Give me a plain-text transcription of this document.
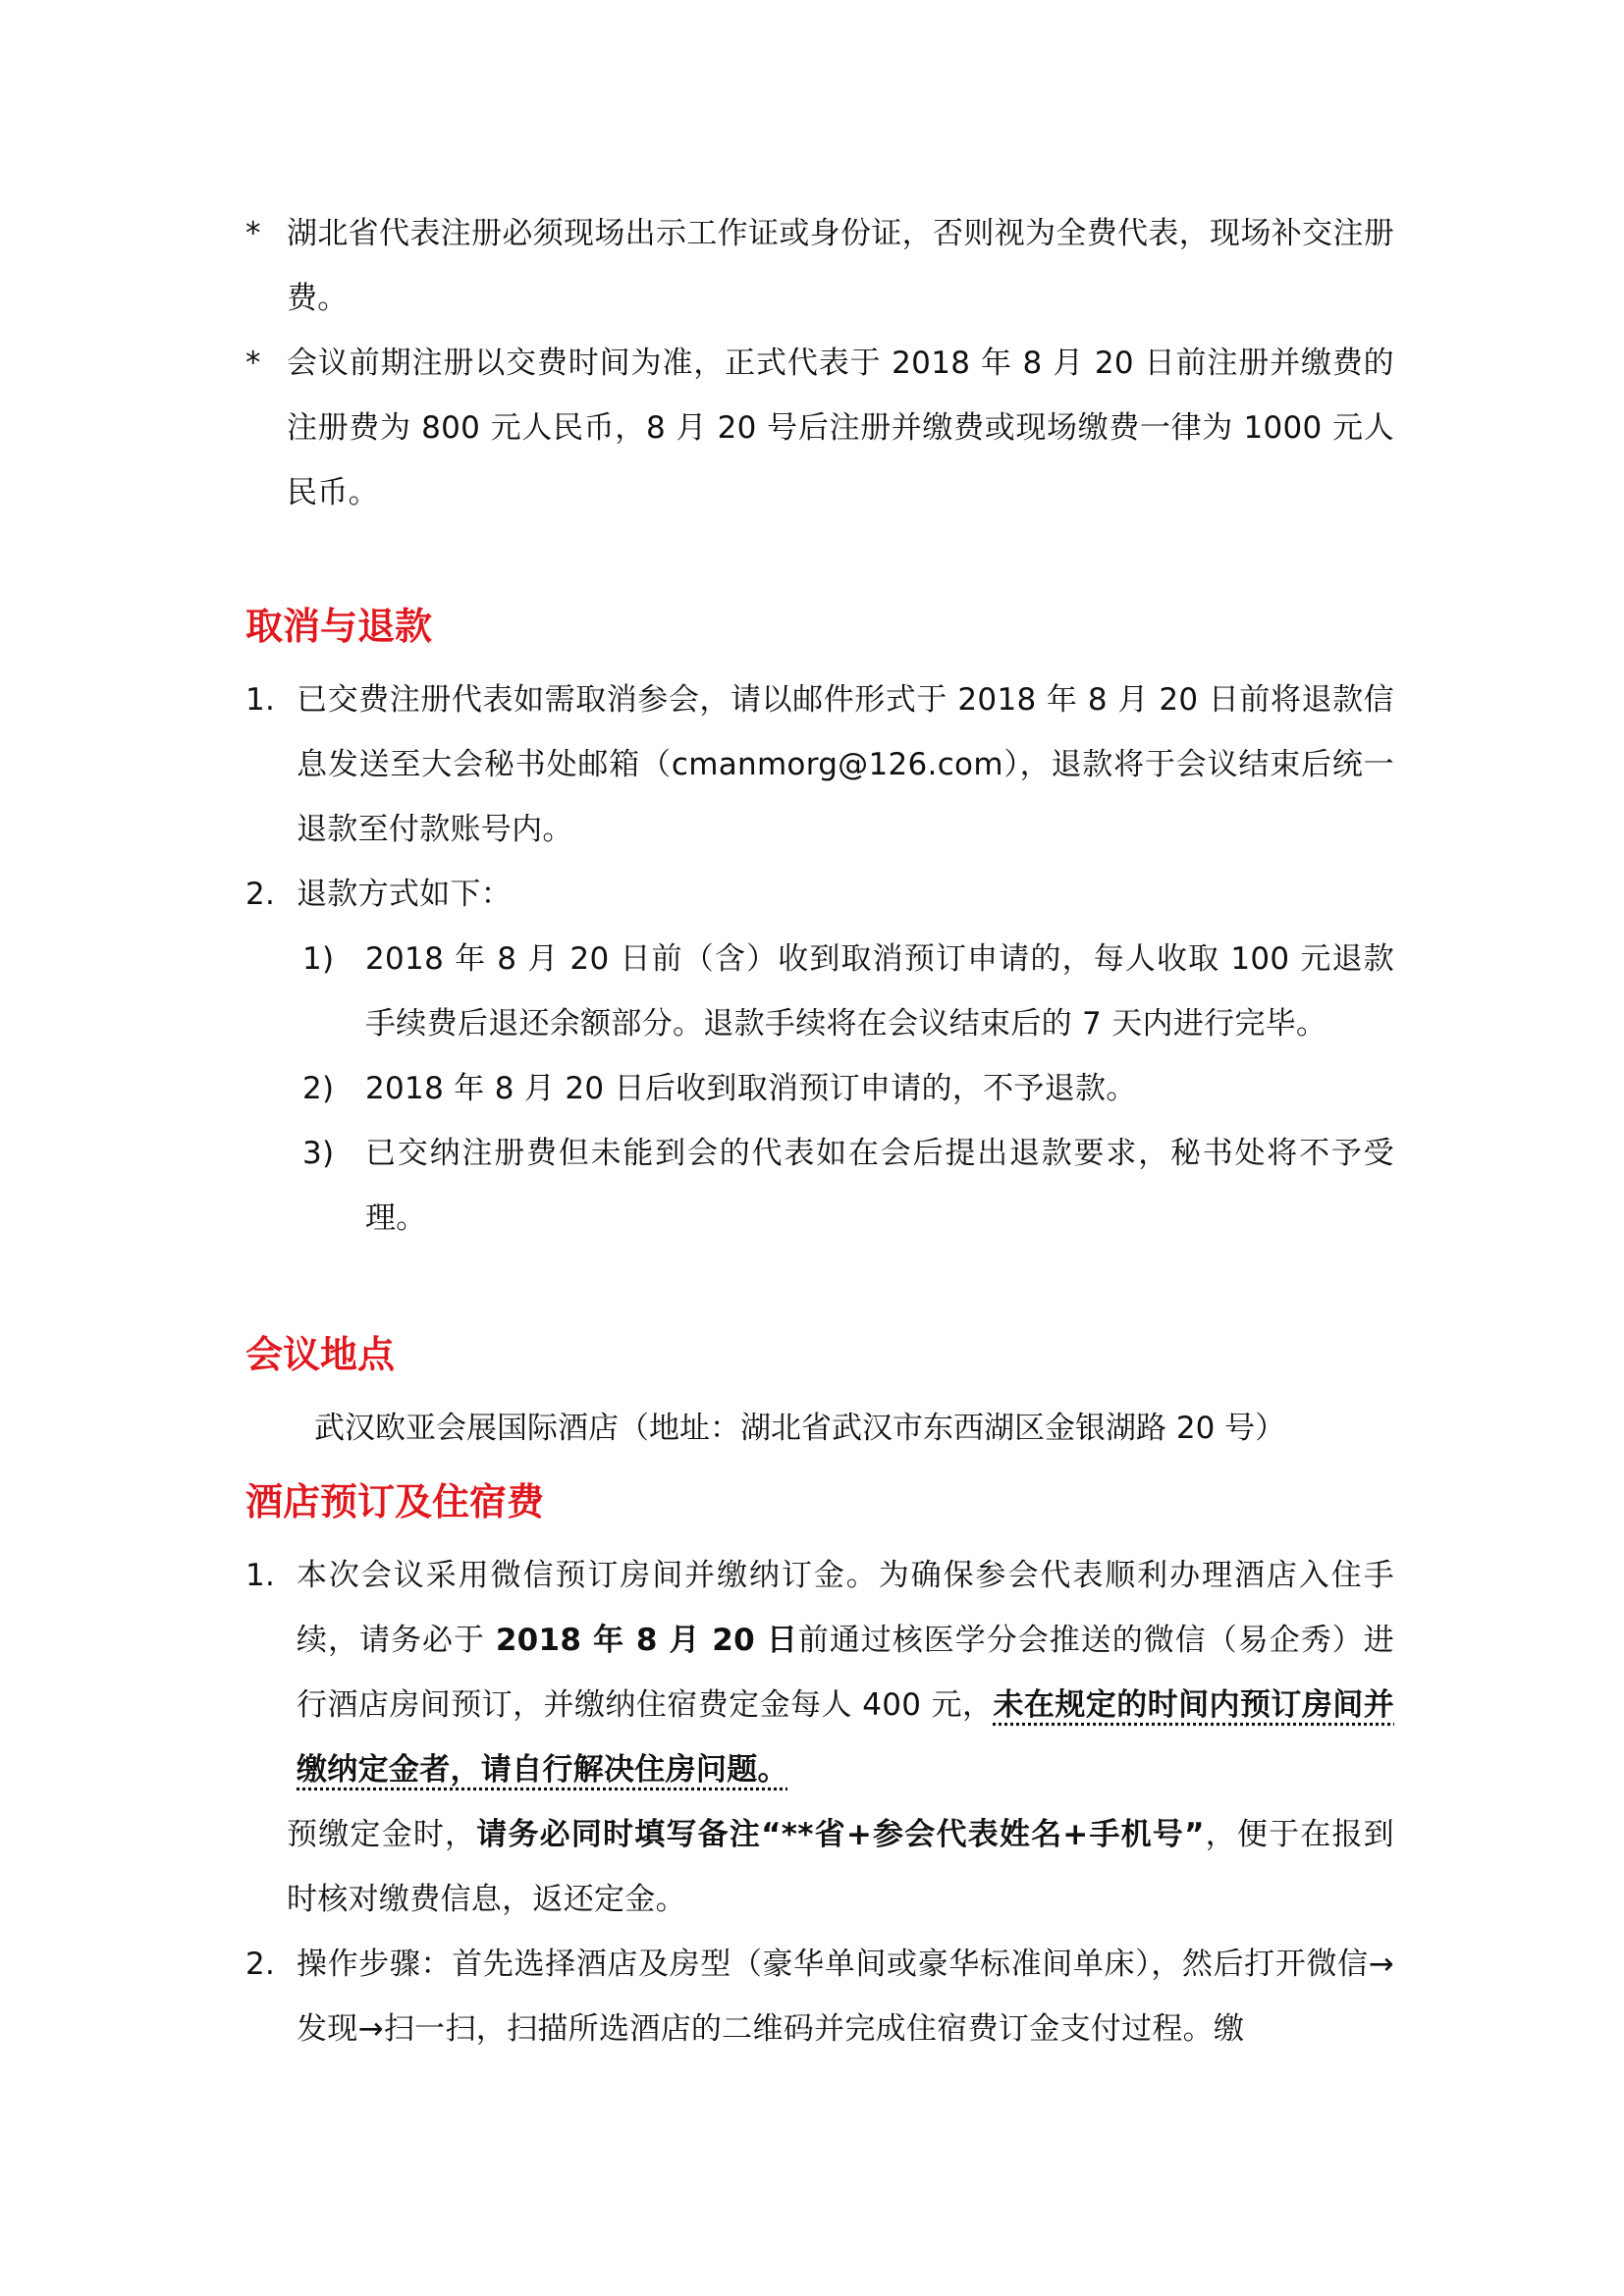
* 湖北省代表注册必须现场出示工作证或身份证，否则视为全费代表，现场补交注册费。

* 会议前期注册以交费时间为准，正式代表于 2018 年 8 月 20 日前注册并缴费的注册费为 800 元人民币，8 月 20 号后注册并缴费或现场缴费一律为 1000 元人民币。

取消与退款

1. 已交费注册代表如需取消参会，请以邮件形式于 2018 年 8 月 20 日前将退款信息发送至大会秘书处邮箱（cmanmorg@126.com），退款将于会议结束后统一退款至付款账号内。

2. 退款方式如下：

1) 2018 年 8 月 20 日前（含）收到取消预订申请的，每人收取 100 元退款手续费后退还余额部分。退款手续将在会议结束后的 7 天内进行完毕。

2) 2018 年 8 月 20 日后收到取消预订申请的，不予退款。

3) 已交纳注册费但未能到会的代表如在会后提出退款要求，秘书处将不予受理。

会议地点

武汉欧亚会展国际酒店（地址：湖北省武汉市东西湖区金银湖路 20 号）

酒店预订及住宿费

1. 本次会议采用微信预订房间并缴纳订金。为确保参会代表顺利办理酒店入住手续，请务必于 2018 年 8 月 20 日前通过核医学分会推送的微信（易企秀）进行酒店房间预订，并缴纳住宿费定金每人 400 元，未在规定的时间内预订房间并缴纳定金者，请自行解决住房问题。

预缴定金时，请务必同时填写备注“**省+参会代表姓名+手机号”，便于在报到时核对缴费信息，返还定金。

2. 操作步骤：首先选择酒店及房型（豪华单间或豪华标准间单床），然后打开微信→发现→扫一扫，扫描所选酒店的二维码并完成住宿费订金支付过程。缴
